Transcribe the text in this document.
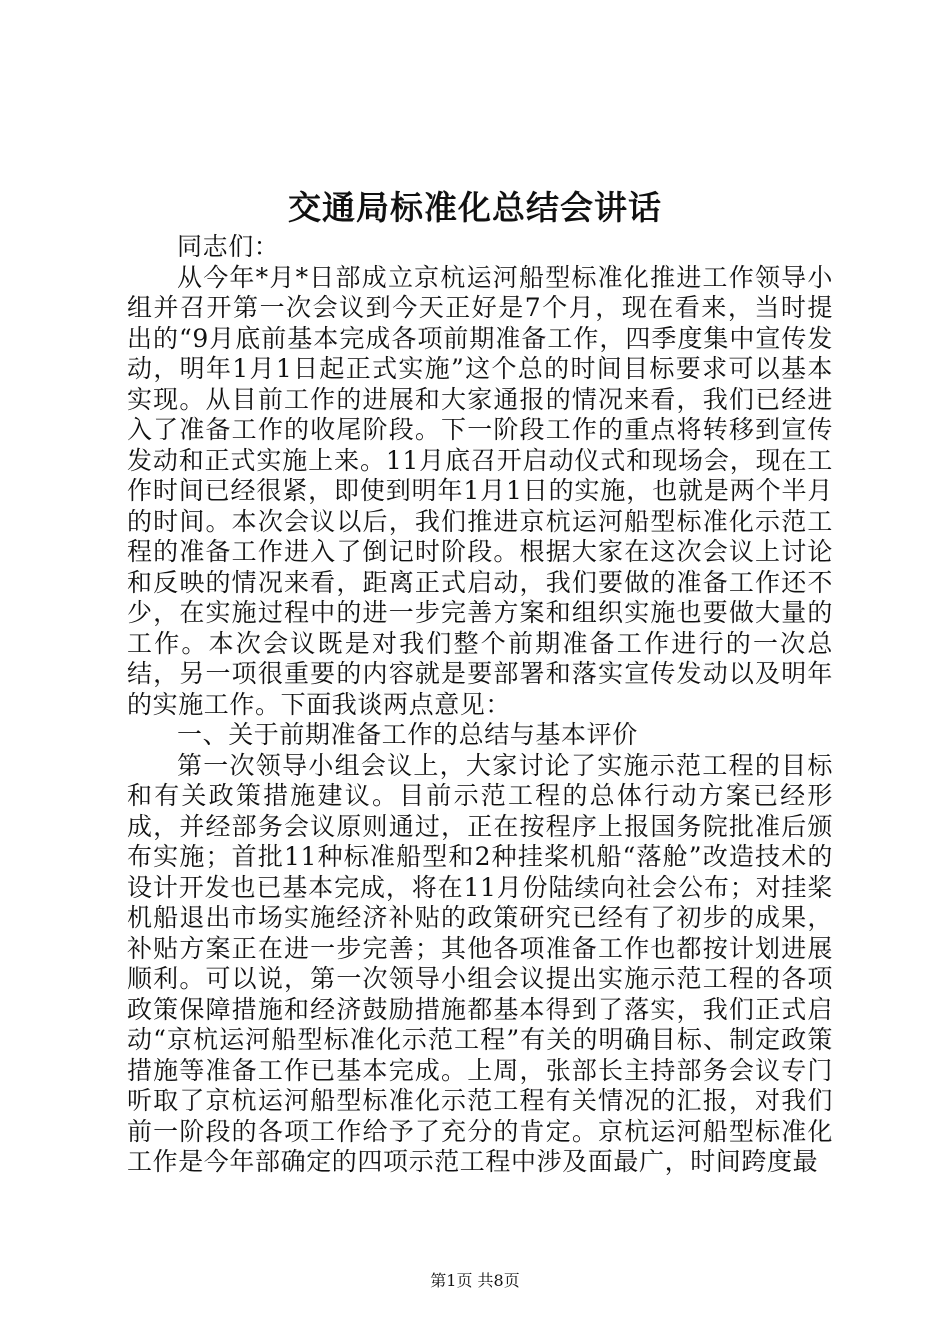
交通局标准化总结会讲话

同志们：

从今年*月*日部成立京杭运河船型标准化推进工作领导小组并召开第一次会议到今天正好是7个月，现在看来，当时提出的“9月底前基本完成各项前期准备工作，四季度集中宣传发动，明年1月1日起正式实施”这个总的时间目标要求可以基本实现。从目前工作的进展和大家通报的情况来看，我们已经进入了准备工作的收尾阶段。下一阶段工作的重点将转移到宣传发动和正式实施上来。11月底召开启动仪式和现场会，现在工作时间已经很紧，即使到明年1月1日的实施，也就是两个半月的时间。本次会议以后，我们推进京杭运河船型标准化示范工程的准备工作进入了倒记时阶段。根据大家在这次会议上讨论和反映的情况来看，距离正式启动，我们要做的准备工作还不少，在实施过程中的进一步完善方案和组织实施也要做大量的工作。本次会议既是对我们整个前期准备工作进行的一次总结，另一项很重要的内容就是要部署和落实宣传发动以及明年的实施工作。下面我谈两点意见：

一、关于前期准备工作的总结与基本评价

第一次领导小组会议上，大家讨论了实施示范工程的目标和有关政策措施建议。目前示范工程的总体行动方案已经形成，并经部务会议原则通过，正在按程序上报国务院批准后颁布实施；首批11种标准船型和2种挂桨机船“落舱”改造技术的设计开发也已基本完成，将在11月份陆续向社会公布；对挂桨机船退出市场实施经济补贴的政策研究已经有了初步的成果，补贴方案正在进一步完善；其他各项准备工作也都按计划进展顺利。可以说，第一次领导小组会议提出实施示范工程的各项政策保障措施和经济鼓励措施都基本得到了落实，我们正式启动“京杭运河船型标准化示范工程”有关的明确目标、制定政策措施等准备工作已基本完成。上周，张部长主持部务会议专门听取了京杭运河船型标准化示范工程有关情况的汇报，对我们前一阶段的各项工作给予了充分的肯定。京杭运河船型标准化工作是今年部确定的四项示范工程中涉及面最广，时间跨度最

第1页 共8页
